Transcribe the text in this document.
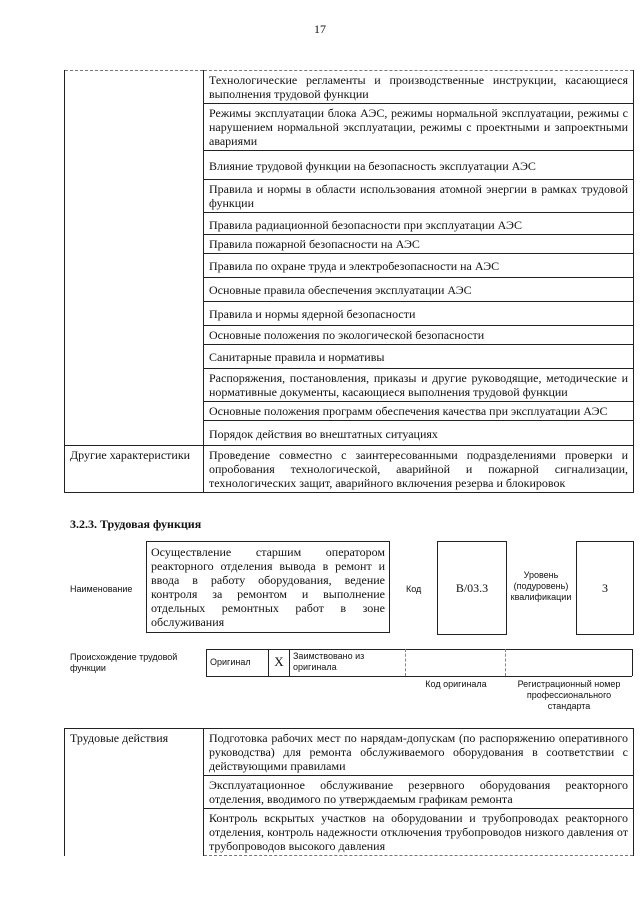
17
	Технологические регламенты и производственные инструкции, касающиеся выполнения трудовой функции
	Режимы эксплуатации блока АЭС, режимы нормальной эксплуатации, режимы с нарушением нормальной эксплуатации, режимы с проектными и запроектными авариями
	Влияние трудовой функции на безопасность эксплуатации АЭС
	Правила и нормы в области использования атомной энергии в рамках трудовой функции
	Правила радиационной безопасности при эксплуатации АЭС
	Правила пожарной безопасности на АЭС
	Правила по охране труда и электробезопасности на АЭС
	Основные правила обеспечения эксплуатации АЭС
	Правила и нормы ядерной безопасности
	Основные положения по экологической безопасности
	Санитарные правила и нормативы
	Распоряжения, постановления, приказы и другие руководящие, методические и нормативные документы, касающиеся выполнения трудовой функции
	Основные положения программ обеспечения качества при эксплуатации АЭС
	Порядок действия во внештатных ситуациях
Другие характеристики	Проведение совместно с заинтересованными подразделениями проверки и опробования технологической, аварийной и пожарной сигнализации, технологических защит, аварийного включения резерва и блокировок
3.2.3. Трудовая функция
Наименование
Осуществление старшим оператором реакторного отделения вывода в ремонт и ввода в работу оборудования, ведение контроля за ремонтом и выполнение отдельных ремонтных работ в зоне обслуживания
Код	B/03.3
Уровень (подуровень) квалификации
3
Происхождение трудовой функции
Оригинал	X	Заимствовано из оригинала
Код оригинала	Регистрационный номер профессионального стандарта
Трудовые действия	Подготовка рабочих мест по нарядам-допускам (по распоряжению оперативного руководства) для ремонта обслуживаемого оборудования в соответствии с действующими правилами
Эксплуатационное обслуживание резервного оборудования реакторного отделения, вводимого по утверждаемым графикам ремонта
Контроль вскрытых участков на оборудовании и трубопроводах реакторного отделения, контроль надежности отключения трубопроводов низкого давления от трубопроводов высокого давления
